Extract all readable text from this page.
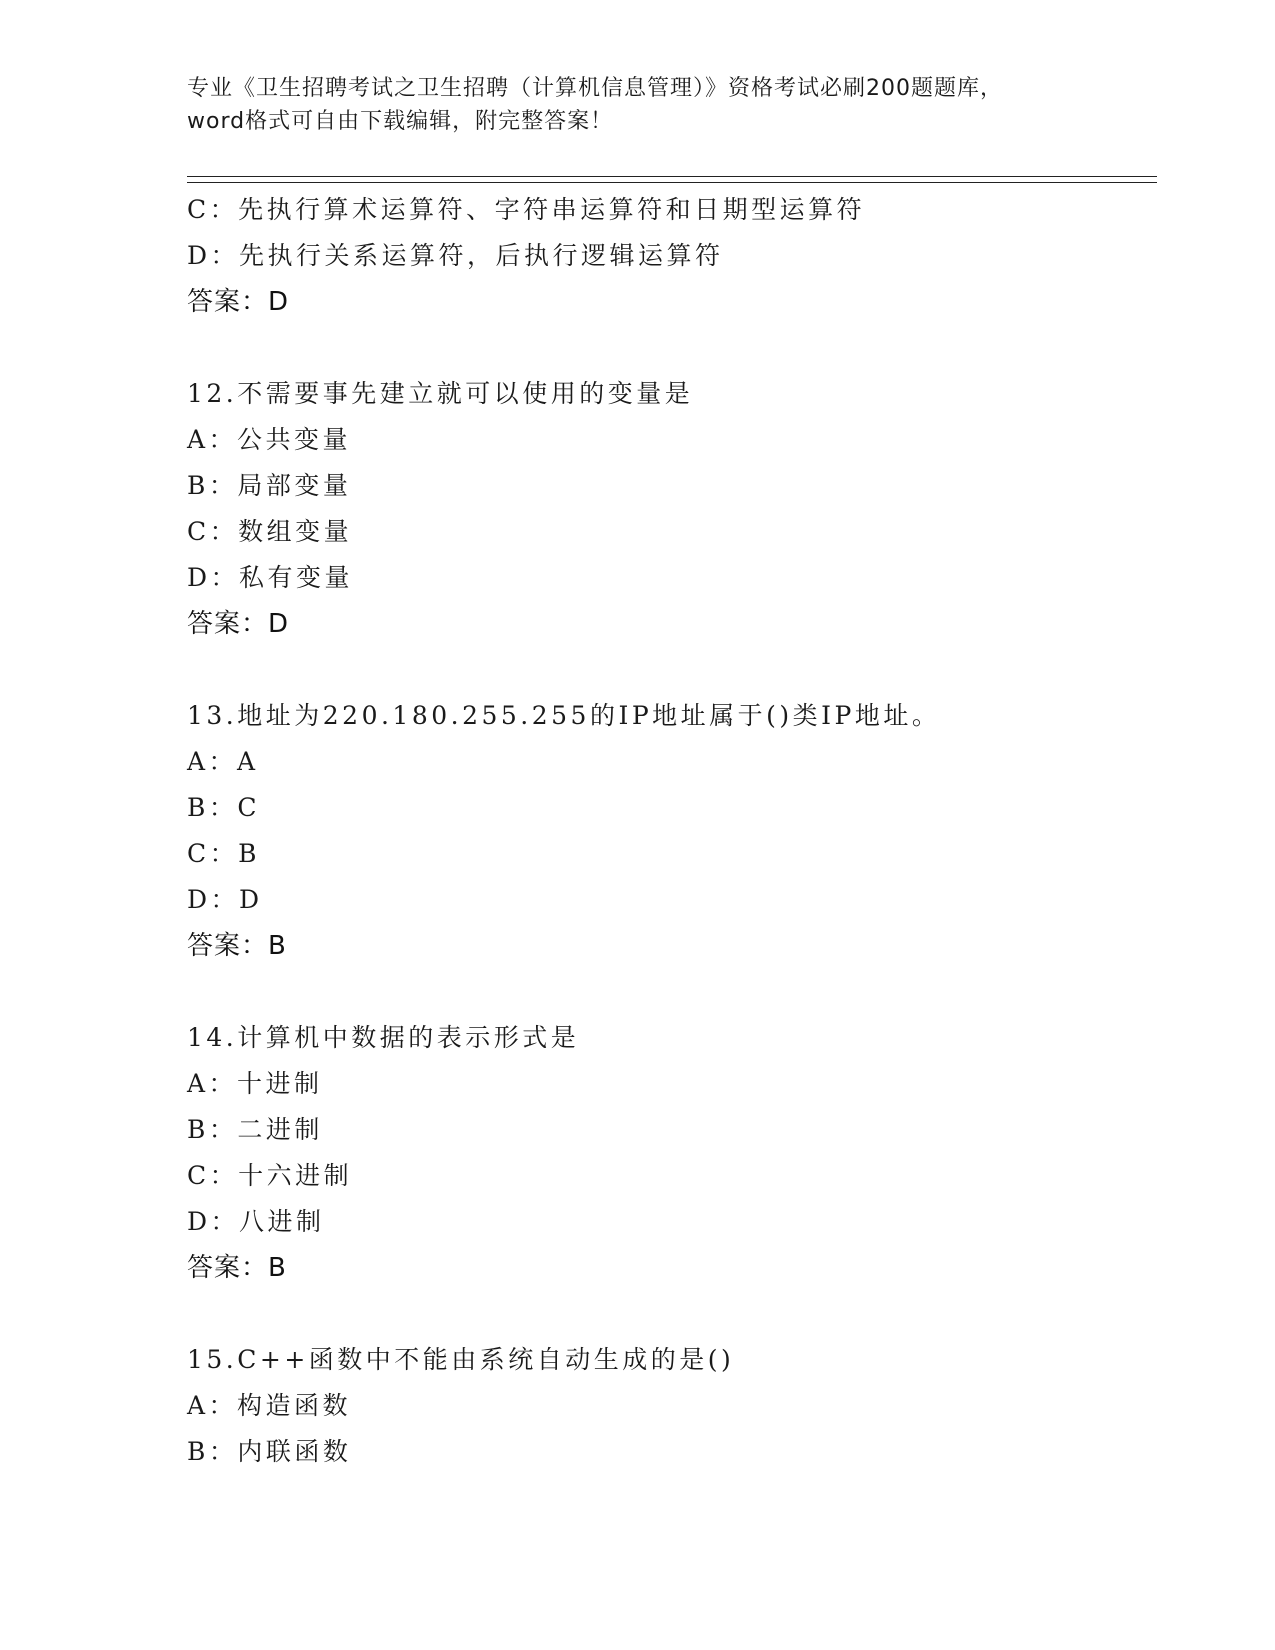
专业《卫生招聘考试之卫生招聘（计算机信息管理）》资格考试必刷200题题库，
word格式可自由下载编辑，附完整答案！
C：先执行算术运算符、字符串运算符和日期型运算符
D：先执行关系运算符，后执行逻辑运算符
答案：D
12.不需要事先建立就可以使用的变量是
A：公共变量
B：局部变量
C：数组变量
D：私有变量
答案：D
13.地址为220.180.255.255的IP地址属于()类IP地址。
A：A
B：C
C：B
D：D
答案：B
14.计算机中数据的表示形式是
A：十进制
B：二进制
C：十六进制
D：八进制
答案：B
15.C++函数中不能由系统自动生成的是()
A：构造函数
B：内联函数
